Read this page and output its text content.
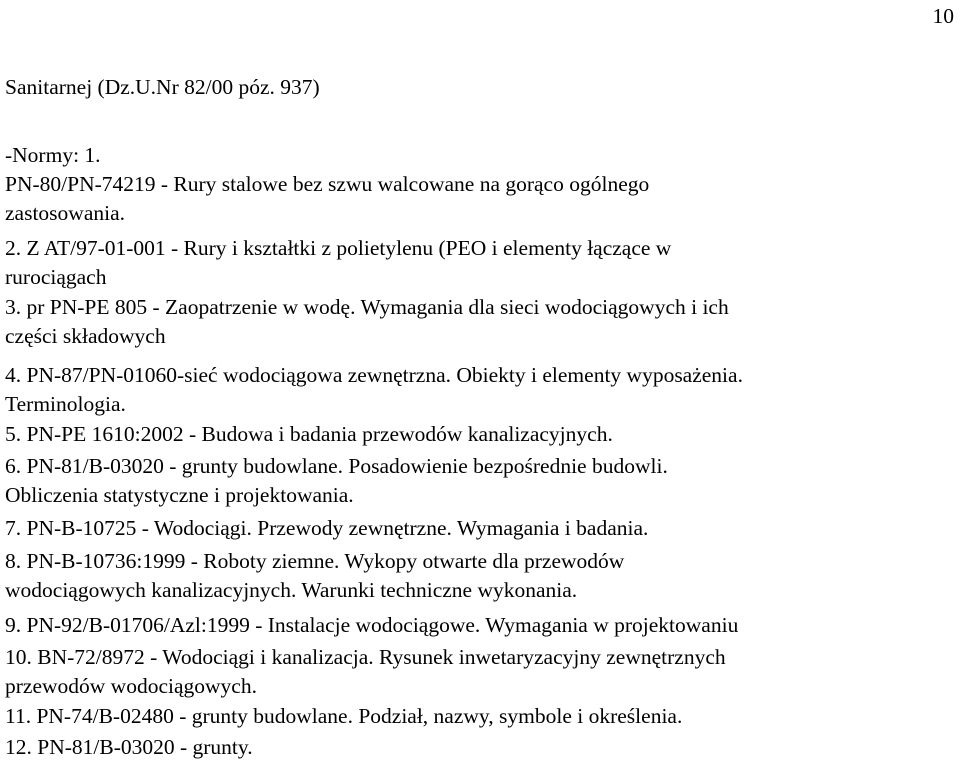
10
Sanitarnej (Dz.U.Nr 82/00 póz. 937)
-Normy: 1.
PN-80/PN-74219 - Rury stalowe bez szwu walcowane na gorąco ogólnego
zastosowania.
2. Z AT/97-01-001 - Rury i kształtki z polietylenu (PEO i elementy łączące w
rurociągach
3. pr PN-PE 805 - Zaopatrzenie w wodę. Wymagania dla sieci wodociągowych i ich
części składowych
4. PN-87/PN-01060-sieć wodociągowa zewnętrzna. Obiekty i elementy wyposażenia.
Terminologia.
5. PN-PE 1610:2002 - Budowa i badania przewodów kanalizacyjnych.
6. PN-81/B-03020 - grunty budowlane. Posadowienie bezpośrednie budowli.
Obliczenia statystyczne i projektowania.
7. PN-B-10725 - Wodociągi. Przewody zewnętrzne. Wymagania i badania.
8. PN-B-10736:1999 - Roboty ziemne. Wykopy otwarte dla przewodów
wodociągowych kanalizacyjnych. Warunki techniczne wykonania.
9. PN-92/B-01706/Azl:1999 - Instalacje wodociągowe. Wymagania w projektowaniu
10. BN-72/8972 - Wodociągi i kanalizacja. Rysunek inwetaryzacyjny zewnętrznych
przewodów wodociągowych.
11. PN-74/B-02480 - grunty budowlane. Podział, nazwy, symbole i określenia.
12. PN-81/B-03020 - grunty.
